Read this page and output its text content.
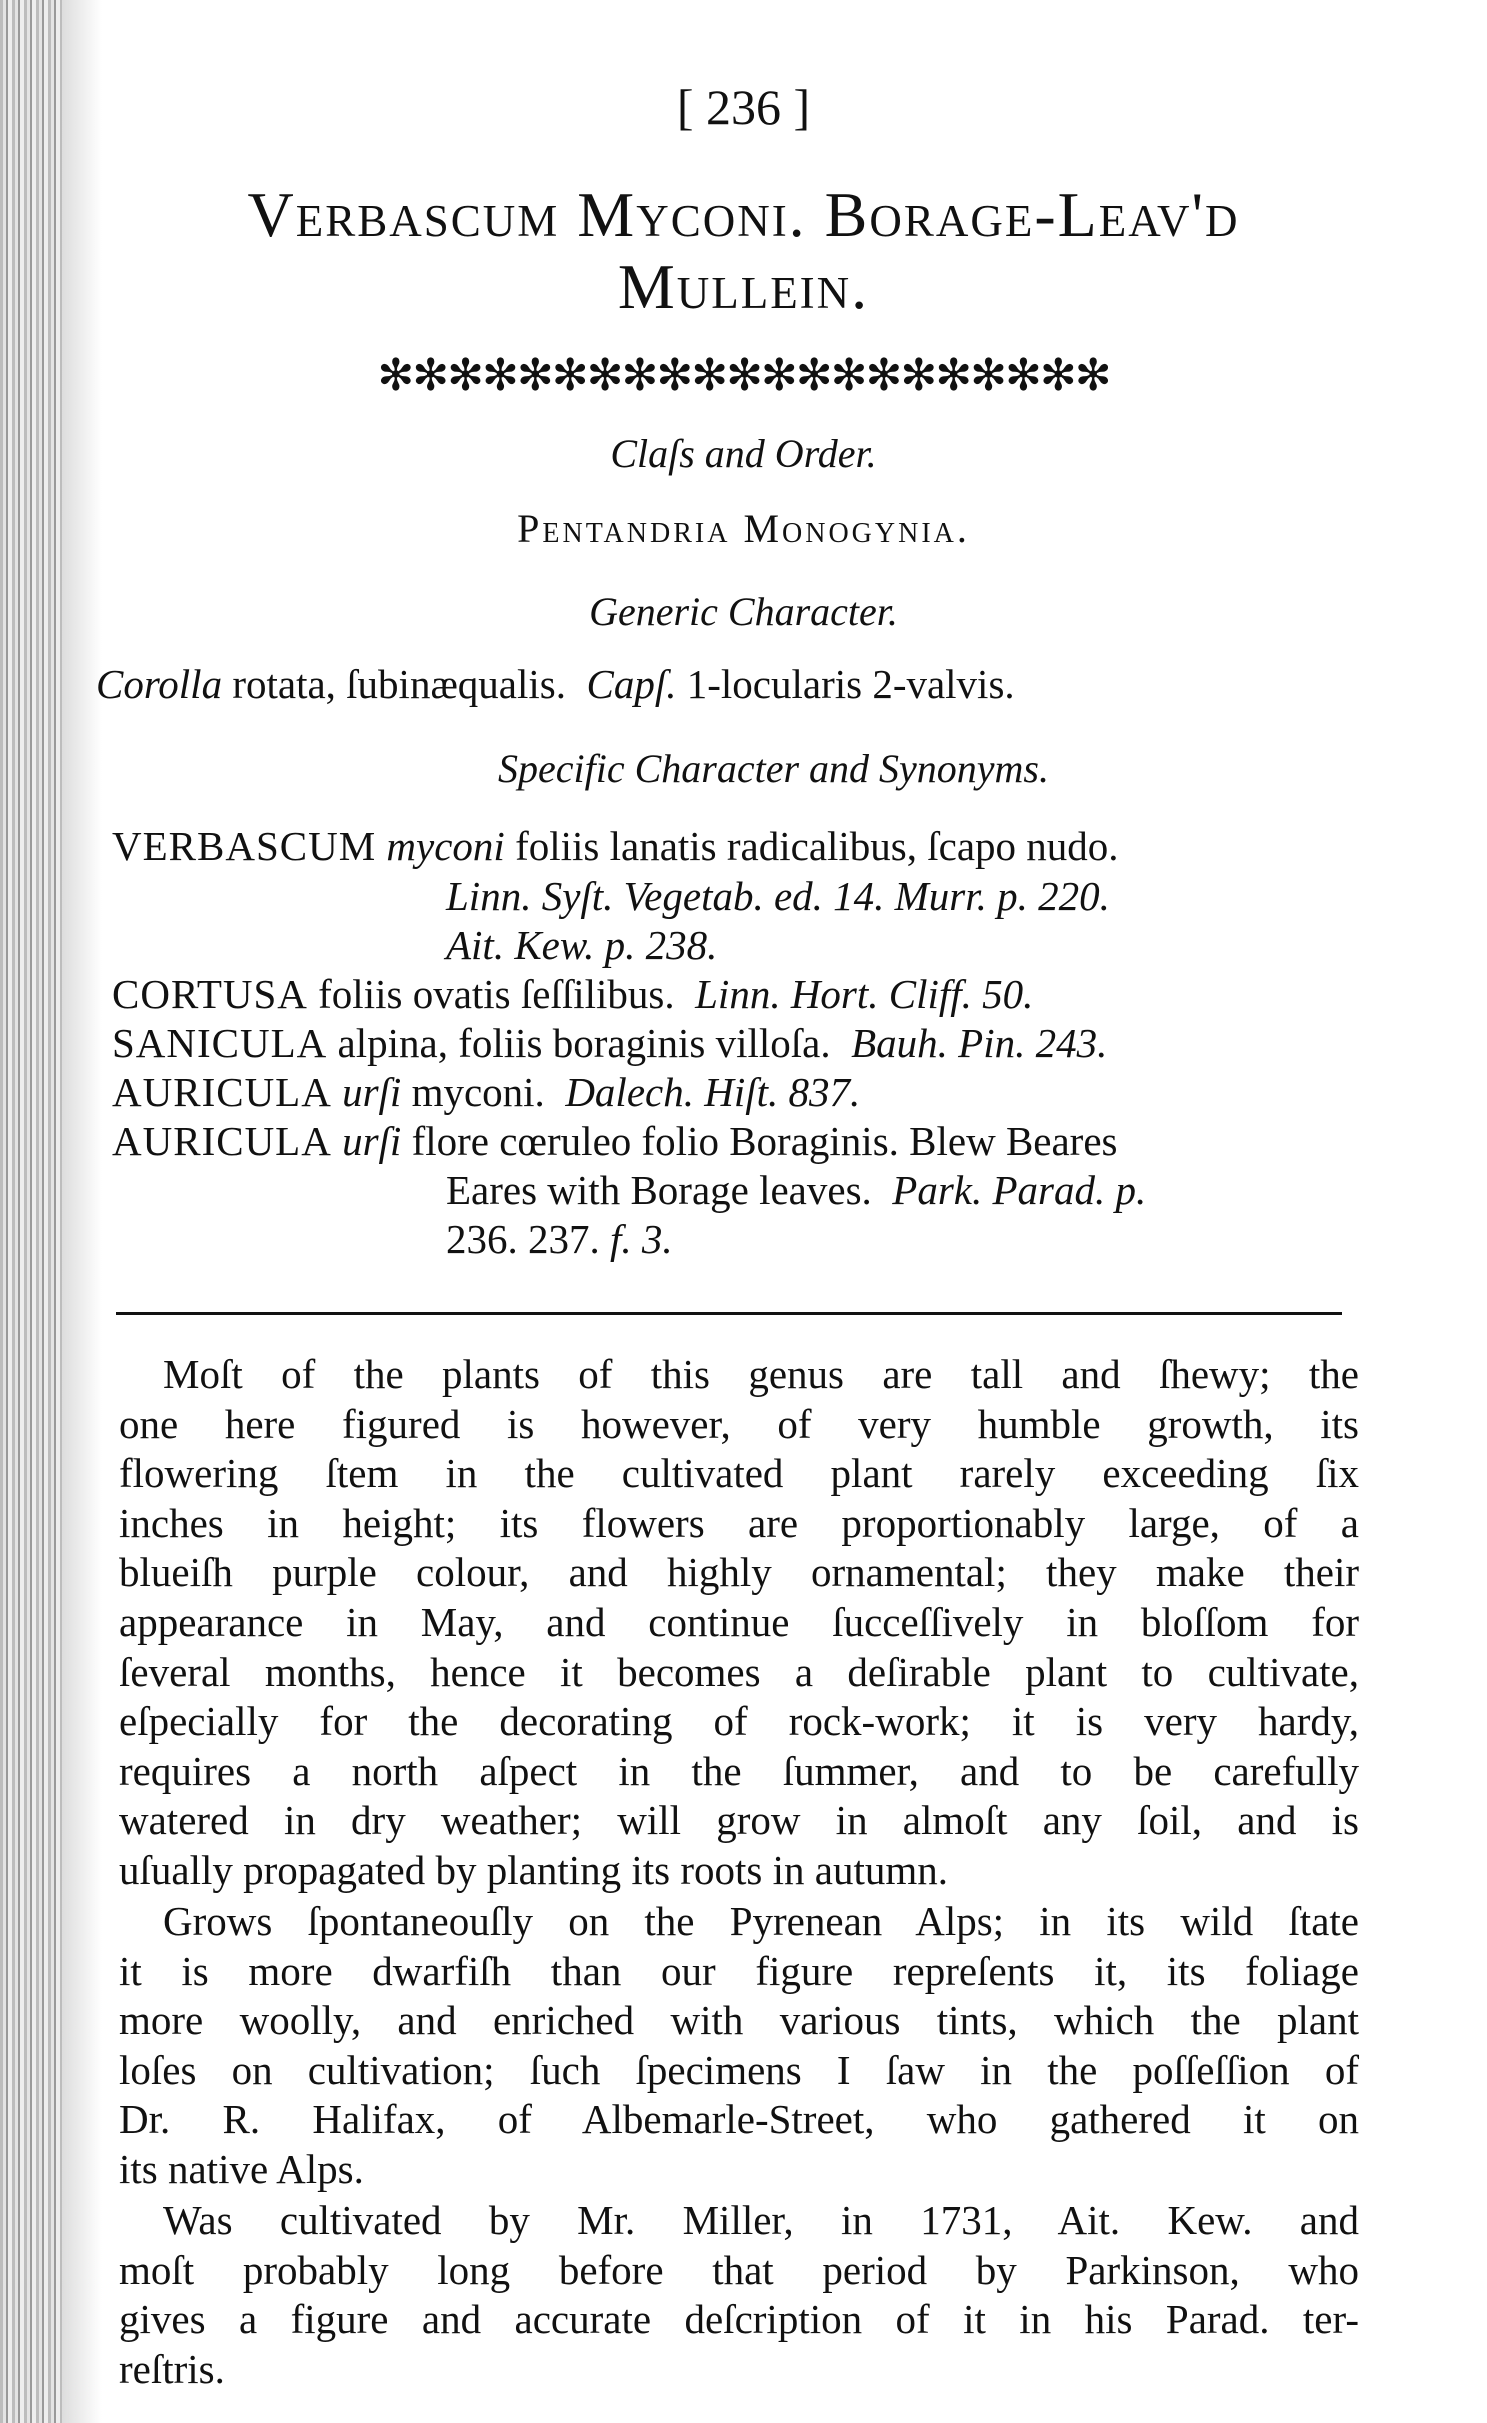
[ 236 ]
Verbascum Myconi. Borage-Leav'd
Mullein.
✻✻✻✻✻✻✻✻✻✻✻✻✻✻✻✻✻✻✻✻✻
Claſs and Order.
Pentandria Monogynia.
Generic Character.
Corolla rotata, ſubinæqualis.  Capſ. 1-locularis 2-valvis.
Specific Character and Synonyms.
VERBASCUM myconi foliis lanatis radicalibus, ſcapo nudo.
Linn. Syſt. Vegetab. ed. 14. Murr. p. 220.
Ait. Kew. p. 238.
CORTUSA foliis ovatis ſeſſilibus. Linn. Hort. Cliff. 50.
SANICULA alpina, foliis boraginis villoſa. Bauh. Pin. 243.
AURICULA urſi myconi. Dalech. Hiſt. 837.
AURICULA urſi flore cœruleo folio Boraginis. Blew Beares
Eares with Borage leaves. Park. Parad. p.
236. 237. f. 3.
Moſt of the plants of this genus are tall and ſhewy; the
one here figured is however, of very humble growth, its
flowering ſtem in the cultivated plant rarely exceeding ſix
inches in height; its flowers are proportionably large, of a
blueiſh purple colour, and highly ornamental; they make their
appearance in May, and continue ſucceſſively in bloſſom for
ſeveral months, hence it becomes a deſirable plant to cultivate,
eſpecially for the decorating of rock-work; it is very hardy,
requires a north aſpect in the ſummer, and to be carefully
watered in dry weather; will grow in almoſt any ſoil, and is
uſually propagated by planting its roots in autumn.
Grows ſpontaneouſly on the Pyrenean Alps; in its wild ſtate
it is more dwarfiſh than our figure repreſents it, its foliage
more woolly, and enriched with various tints, which the plant
loſes on cultivation; ſuch ſpecimens I ſaw in the poſſeſſion of
Dr. R. Halifax, of Albemarle-Street, who gathered it on
its native Alps.
Was cultivated by Mr. Miller, in 1731, Ait. Kew. and
moſt probably long before that period by Parkinson, who
gives a figure and accurate deſcription of it in his Parad. ter-
reſtris.
